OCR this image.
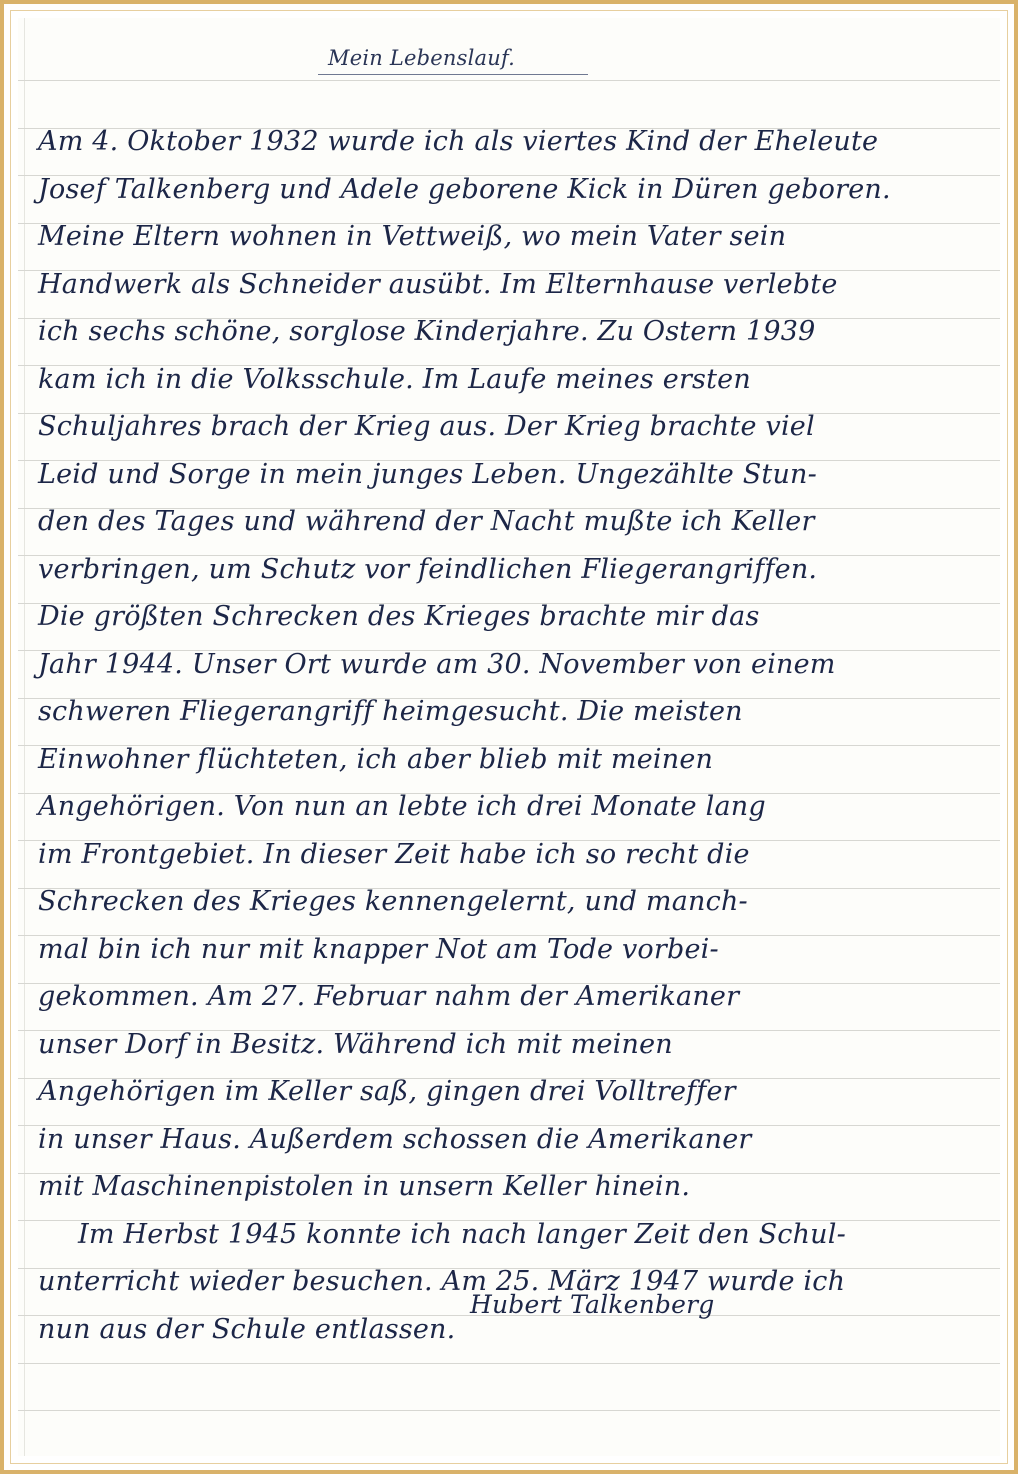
Mein Lebenslauf.
Am 4. Oktober 1932 wurde ich als viertes Kind der Eheleute
Josef Talkenberg und Adele geborene Kick in Düren geboren.
Meine Eltern wohnen in Vettweiß, wo mein Vater sein
Handwerk als Schneider ausübt. Im Elternhause verlebte
ich sechs schöne, sorglose Kinderjahre. Zu Ostern 1939
kam ich in die Volksschule. Im Laufe meines ersten
Schuljahres brach der Krieg aus. Der Krieg brachte viel
Leid und Sorge in mein junges Leben. Ungezählte Stun-
den des Tages und während der Nacht mußte ich Keller
verbringen, um Schutz vor feindlichen Fliegerangriffen.
Die größten Schrecken des Krieges brachte mir das
Jahr 1944. Unser Ort wurde am 30. November von einem
schweren Fliegerangriff heimgesucht. Die meisten
Einwohner flüchteten, ich aber blieb mit meinen
Angehörigen. Von nun an lebte ich drei Monate lang
im Frontgebiet. In dieser Zeit habe ich so recht die
Schrecken des Krieges kennengelernt, und manch-
mal bin ich nur mit knapper Not am Tode vorbei-
gekommen. Am 27. Februar nahm der Amerikaner
unser Dorf in Besitz. Während ich mit meinen
Angehörigen im Keller saß, gingen drei Volltreffer
in unser Haus. Außerdem schossen die Amerikaner
mit Maschinenpistolen in unsern Keller hinein.
Im Herbst 1945 konnte ich nach langer Zeit den Schul-
unterricht wieder besuchen. Am 25. März 1947 wurde ich
nun aus der Schule entlassen.
Hubert Talkenberg
